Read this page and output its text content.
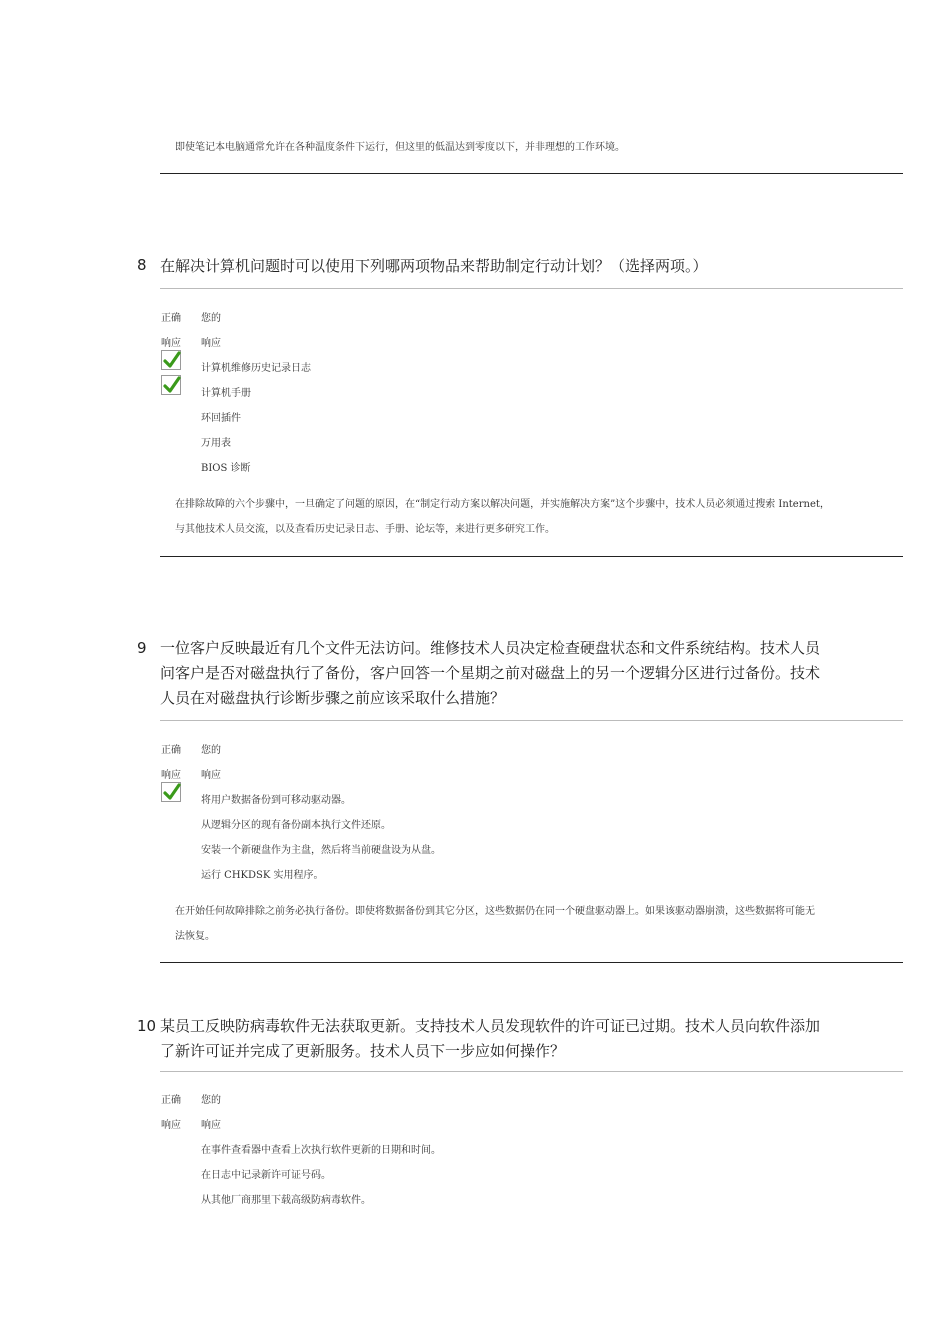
即使笔记本电脑通常允许在各种温度条件下运行，但这里的低温达到零度以下，并非理想的工作环境。
8 在解决计算机问题时可以使用下列哪两项物品来帮助制定行动计划？（选择两项。）
正确 您的
响应 响应
计算机维修历史记录日志
计算机手册
环回插件
万用表
BIOS 诊断
在排除故障的六个步骤中，一旦确定了问题的原因，在“制定行动方案以解决问题，并实施解决方案”这个步骤中，技术人员必须通过搜索 Internet，
与其他技术人员交流，以及查看历史记录日志、手册、论坛等，来进行更多研究工作。
9 一位客户反映最近有几个文件无法访问。维修技术人员决定检查硬盘状态和文件系统结构。技术人员
问客户是否对磁盘执行了备份，客户回答一个星期之前对磁盘上的另一个逻辑分区进行过备份。技术
人员在对磁盘执行诊断步骤之前应该采取什么措施？
正确 您的
响应 响应
将用户数据备份到可移动驱动器。
从逻辑分区的现有备份副本执行文件还原。
安装一个新硬盘作为主盘，然后将当前硬盘设为从盘。
运行 CHKDSK 实用程序。
在开始任何故障排除之前务必执行备份。即使将数据备份到其它分区，这些数据仍在同一个硬盘驱动器上。如果该驱动器崩溃，这些数据将可能无
法恢复。
10 某员工反映防病毒软件无法获取更新。支持技术人员发现软件的许可证已过期。技术人员向软件添加
了新许可证并完成了更新服务。技术人员下一步应如何操作？
正确 您的
响应 响应
在事件查看器中查看上次执行软件更新的日期和时间。
在日志中记录新许可证号码。
从其他厂商那里下载高级防病毒软件。
